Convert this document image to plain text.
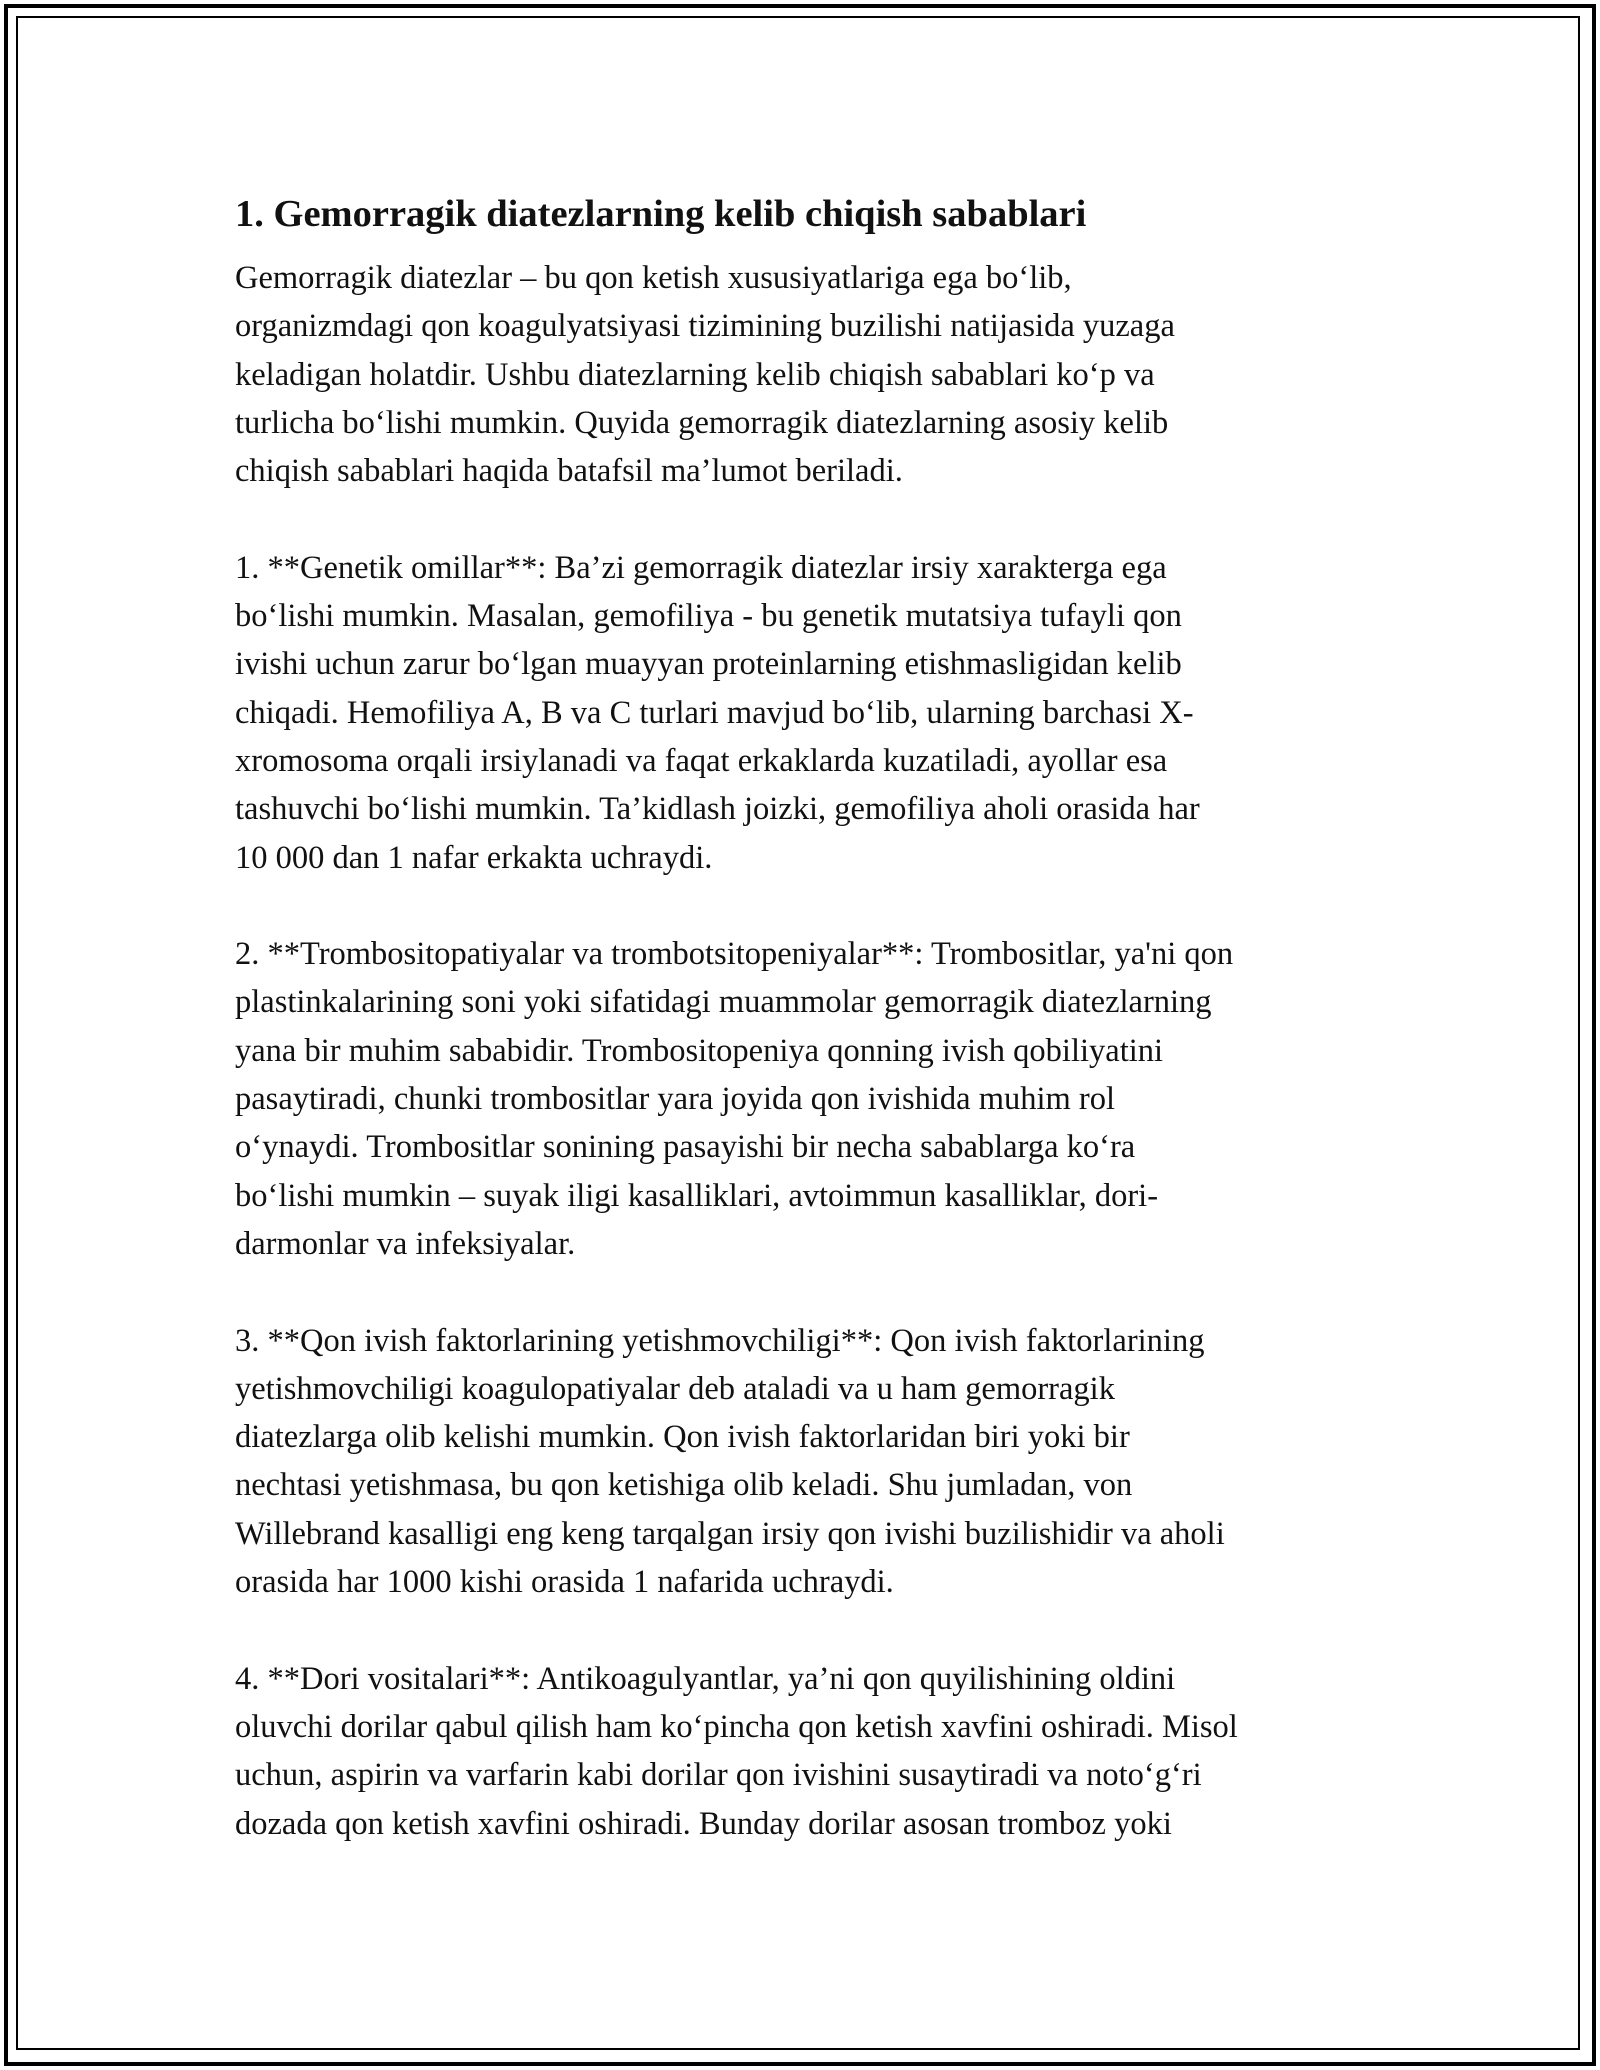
1. Gemorragik diatezlarning kelib chiqish sabablari

Gemorragik diatezlar – bu qon ketish xususiyatlariga ega bo‘lib,
organizmdagi qon koagulyatsiyasi tizimining buzilishi natijasida yuzaga
keladigan holatdir. Ushbu diatezlarning kelib chiqish sabablari ko‘p va
turlicha bo‘lishi mumkin. Quyida gemorragik diatezlarning asosiy kelib
chiqish sabablari haqida batafsil ma’lumot beriladi.

1. **Genetik omillar**: Ba’zi gemorragik diatezlar irsiy xarakterga ega
bo‘lishi mumkin. Masalan, gemofiliya - bu genetik mutatsiya tufayli qon
ivishi uchun zarur bo‘lgan muayyan proteinlarning etishmasligidan kelib
chiqadi. Hemofiliya A, B va C turlari mavjud bo‘lib, ularning barchasi X-
xromosoma orqali irsiylanadi va faqat erkaklarda kuzatiladi, ayollar esa
tashuvchi bo‘lishi mumkin. Ta’kidlash joizki, gemofiliya aholi orasida har
10 000 dan 1 nafar erkakta uchraydi.

2. **Trombositopatiyalar va trombotsitopeniyalar**: Trombositlar, ya'ni qon
plastinkalarining soni yoki sifatidagi muammolar gemorragik diatezlarning
yana bir muhim sababidir. Trombositopeniya qonning ivish qobiliyatini
pasaytiradi, chunki trombositlar yara joyida qon ivishida muhim rol
o‘ynaydi. Trombositlar sonining pasayishi bir necha sabablarga ko‘ra
bo‘lishi mumkin – suyak iligi kasalliklari, avtoimmun kasalliklar, dori-
darmonlar va infeksiyalar.

3. **Qon ivish faktorlarining yetishmovchiligi**: Qon ivish faktorlarining
yetishmovchiligi koagulopatiyalar deb ataladi va u ham gemorragik
diatezlarga olib kelishi mumkin. Qon ivish faktorlaridan biri yoki bir
nechtasi yetishmasa, bu qon ketishiga olib keladi. Shu jumladan, von
Willebrand kasalligi eng keng tarqalgan irsiy qon ivishi buzilishidir va aholi
orasida har 1000 kishi orasida 1 nafarida uchraydi.

4. **Dori vositalari**: Antikoagulyantlar, ya’ni qon quyilishining oldini
oluvchi dorilar qabul qilish ham ko‘pincha qon ketish xavfini oshiradi. Misol
uchun, aspirin va varfarin kabi dorilar qon ivishini susaytiradi va noto‘g‘ri
dozada qon ketish xavfini oshiradi. Bunday dorilar asosan tromboz yoki
